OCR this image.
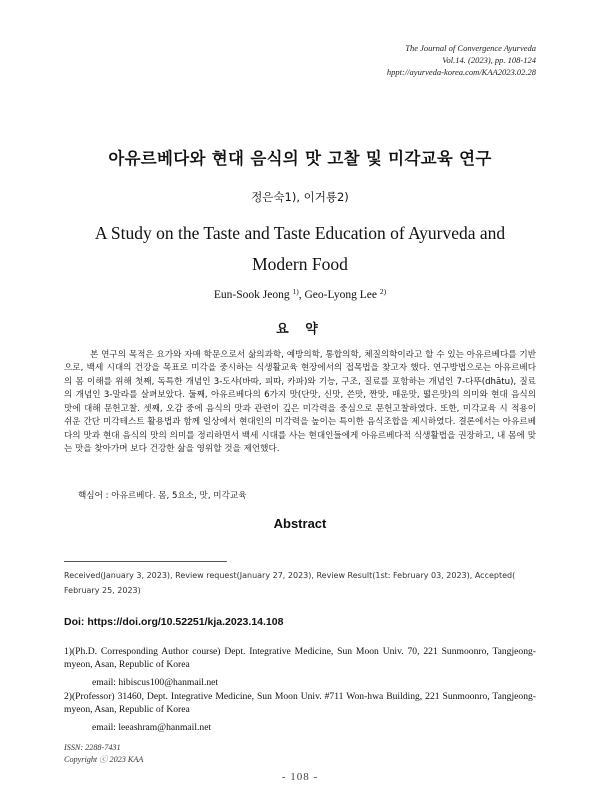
The Journal of Convergence Ayurveda
Vol.14. (2023), pp. 108-124
hppt://ayurveda-korea.com/KAA2023.02.28
아유르베다와 현대 음식의 맛 고찰 및 미각교육 연구
정은숙1), 이거룡2)
A Study on the Taste and Taste Education of Ayurveda and
Modern Food
Eun-Sook Jeong $^{1)}$, Geo-Lyong Lee $^{2)}$
요 약

본 연구의 목적은 요가와 자매 학문으로서 삶의과학, 예방의학, 통합의학, 체질의학이라고 할 수 있는 아유르베다를 기반으로, 백세 시대의 건강을 목표로 미각을 중시하는 식생활교육 현장에서의 접목법을 찾고자 했다. 연구방법으로는 아유르베다의 몸 이해를 위해 첫째, 독특한 개념인 3-도샤(바따, 피따, 카파)와 기능, 구조, 질료를 포함하는 개념인 7-다뚜(dhātu), 질료의 개념인 3-말라를 살펴보았다. 둘째, 아유르베다의 6가지 맛(단맛, 신맛, 쓴맛, 짠맛, 매운맛, 떫은맛)의 의미와 현대 음식의 맛에 대해 문헌고찰. 셋째, 오감 중에 음식의 맛과 관련이 깊은 미각력을 중심으로 문헌고찰하였다. 또한, 미각교육 시 적용이 쉬운 간단 미각테스트 활용법과 함께 일상에서 현대인의 미각력을 높이는 특이한 음식조합을 제시하였다. 결론에서는 아유르베다의 맛과 현대 음식의 맛의 의미를 정리하면서 백세 시대를 사는 현대인들에게 아유르베다적 식생활법을 권장하고, 내 몸에 맞는 맛을 찾아가며 보다 건강한 삶을 영위할 것을 제언했다.

핵심어 : 아유르베다. 몸, 5요소, 맛, 미각교육
Abstract
Received(January 3, 2023), Review request(January 27, 2023), Review Result(1st: February 03, 2023), Accepted( February 25, 2023)
Doi: https://doi.org/10.52251/kja.2023.14.108

1)(Ph.D. Corresponding Author course) Dept. Integrative Medicine, Sun Moon Univ. 70, 221 Sunmoonro, Tangjeong-myeon, Asan, Republic of Korea

email: hibiscus100@hanmail.net

2)(Professor) 31460, Dept. Integrative Medicine, Sun Moon Univ. #711 Won-hwa Building, 221 Sunmoonro, Tangjeong-myeon, Asan, Republic of Korea

email: leeashram@hanmail.net
ISSN: 2288-7431
Copyright ⓒ 2023 KAA
- 108 -
